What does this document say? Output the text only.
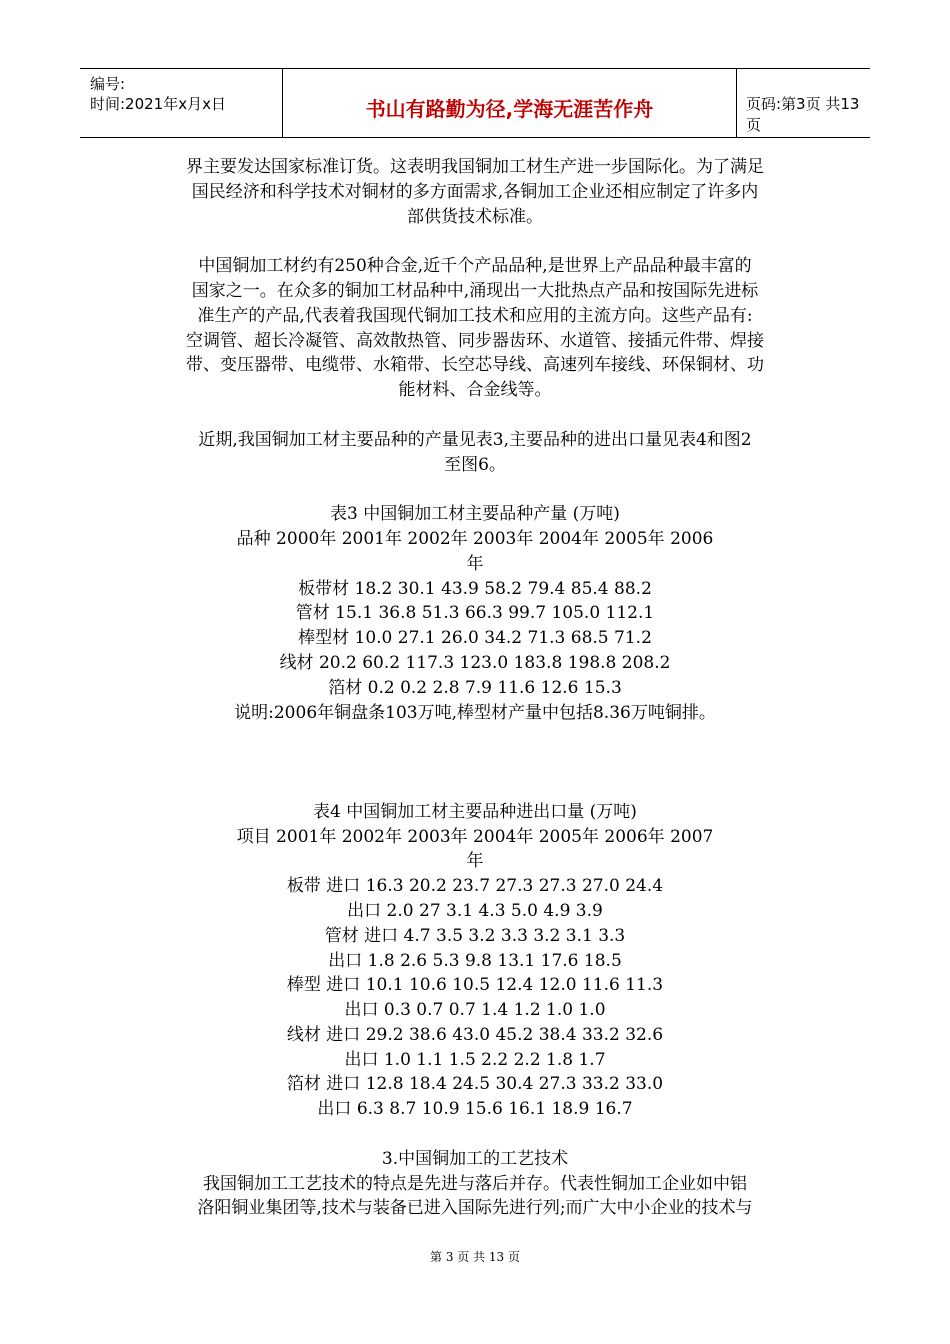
编号:
时间:2021年x月x日	书山有路勤为径,学海无涯苦作舟	页码:第3页 共13页
界主要发达国家标准订货。这表明我国铜加工材生产进一步国际化。为了满足
国民经济和科学技术对铜材的多方面需求,各铜加工企业还相应制定了许多内
部供货技术标准。
中国铜加工材约有250种合金,近千个产品品种,是世界上产品品种最丰富的
国家之一。在众多的铜加工材品种中,涌现出一大批热点产品和按国际先进标
准生产的产品,代表着我国现代铜加工技术和应用的主流方向。这些产品有:
空调管、超长冷凝管、高效散热管、同步器齿环、水道管、接插元件带、焊接
带、变压器带、电缆带、水箱带、长空芯导线、高速列车接线、环保铜材、功
能材料、合金线等。
近期,我国铜加工材主要品种的产量见表3,主要品种的进出口量见表4和图2
至图6。
表3 中国铜加工材主要品种产量 (万吨)
品种 2000年 2001年 2002年 2003年 2004年 2005年 2006
年
板带材 18.2 30.1 43.9 58.2 79.4 85.4 88.2
管材 15.1 36.8 51.3 66.3 99.7 105.0 112.1
棒型材 10.0 27.1 26.0 34.2 71.3 68.5 71.2
线材 20.2 60.2 117.3 123.0 183.8 198.8 208.2
箔材 0.2 0.2 2.8 7.9 11.6 12.6 15.3
说明:2006年铜盘条103万吨,棒型材产量中包括8.36万吨铜排。
表4 中国铜加工材主要品种进出口量 (万吨)
项目 2001年 2002年 2003年 2004年 2005年 2006年 2007
年
板带 进口 16.3 20.2 23.7 27.3 27.3 27.0 24.4
出口 2.0 27 3.1 4.3 5.0 4.9 3.9
管材 进口 4.7 3.5 3.2 3.3 3.2 3.1 3.3
出口 1.8 2.6 5.3 9.8 13.1 17.6 18.5
棒型 进口 10.1 10.6 10.5 12.4 12.0 11.6 11.3
出口 0.3 0.7 0.7 1.4 1.2 1.0 1.0
线材 进口 29.2 38.6 43.0 45.2 38.4 33.2 32.6
出口 1.0 1.1 1.5 2.2 2.2 1.8 1.7
箔材 进口 12.8 18.4 24.5 30.4 27.3 33.2 33.0
出口 6.3 8.7 10.9 15.6 16.1 18.9 16.7
3.中国铜加工的工艺技术
我国铜加工工艺技术的特点是先进与落后并存。代表性铜加工企业如中铝
洛阳铜业集团等,技术与装备已进入国际先进行列;而广大中小企业的技术与
第 3 页 共 13 页
